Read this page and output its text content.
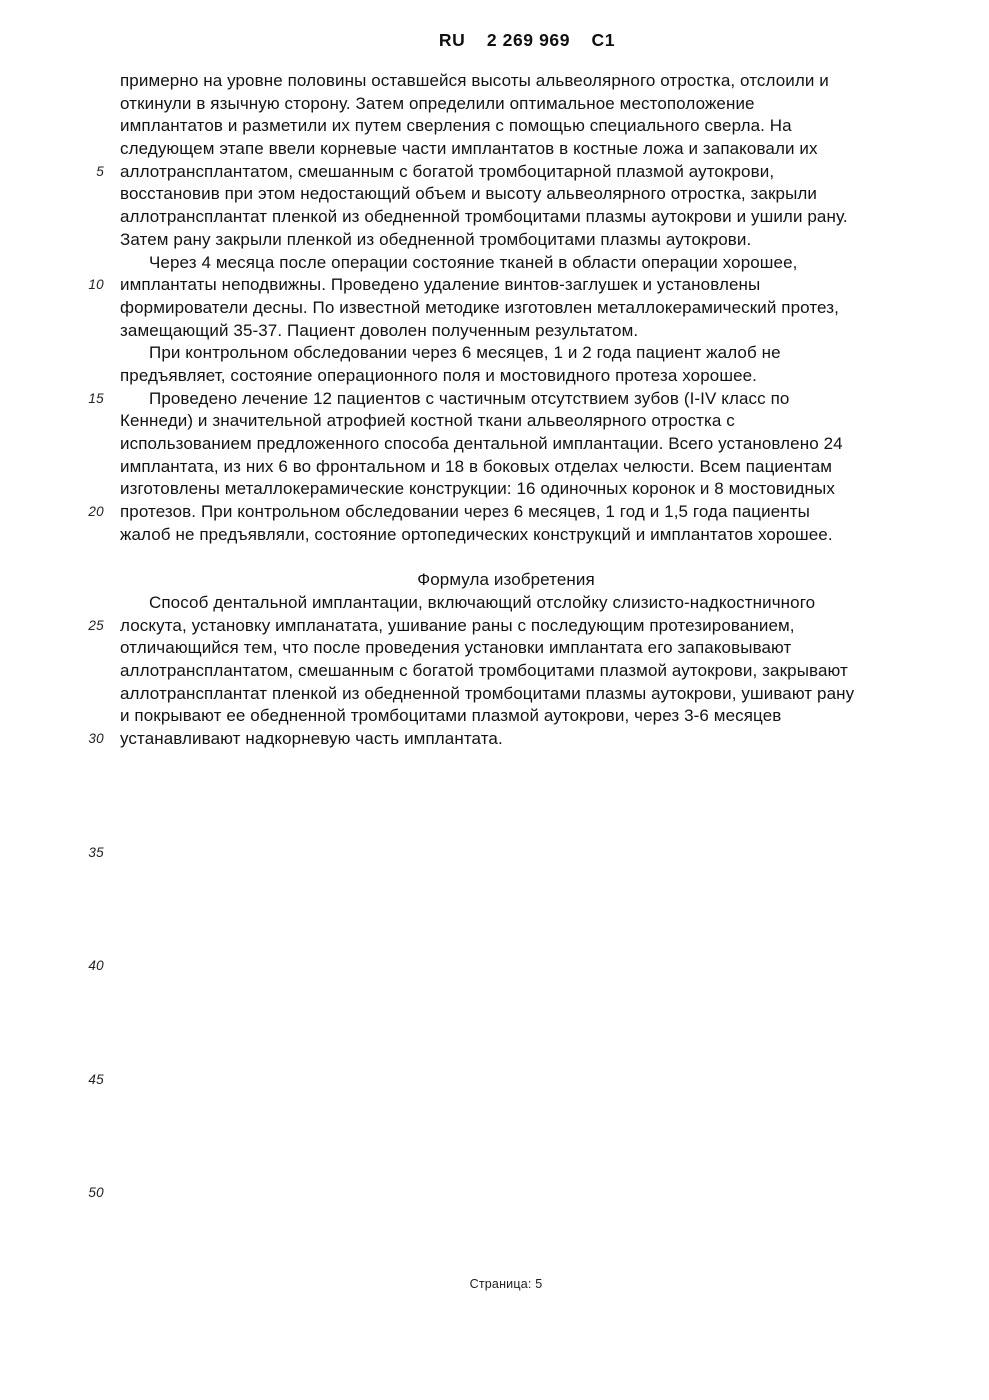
RU 2 269 969 C1
5
10
15
20
25
30
35
40
45
50
примерно на уровне половины оставшейся высоты альвеолярного отростка, отслоили и
откинули в язычную сторону. Затем определили оптимальное местоположение
имплантатов и разметили их путем сверления с помощью специального сверла. На
следующем этапе ввели корневые части имплантатов в костные ложа и запаковали их
аллотрансплантатом, смешанным с богатой тромбоцитарной плазмой аутокрови,
восстановив при этом недостающий объем и высоту альвеолярного отростка, закрыли
аллотрансплантат пленкой из обедненной тромбоцитами плазмы аутокрови и ушили рану.
Затем рану закрыли пленкой из обедненной тромбоцитами плазмы аутокрови.
Через 4 месяца после операции состояние тканей в области операции хорошее,
имплантаты неподвижны. Проведено удаление винтов-заглушек и установлены
формирователи десны. По известной методике изготовлен металлокерамический протез,
замещающий 35-37. Пациент доволен полученным результатом.
При контрольном обследовании через 6 месяцев, 1 и 2 года пациент жалоб не
предъявляет, состояние операционного поля и мостовидного протеза хорошее.
Проведено лечение 12 пациентов с частичным отсутствием зубов (I-IV класс по
Кеннеди) и значительной атрофией костной ткани альвеолярного отростка с
использованием предложенного способа дентальной имплантации. Всего установлено 24
имплантата, из них 6 во фронтальном и 18 в боковых отделах челюсти. Всем пациентам
изготовлены металлокерамические конструкции: 16 одиночных коронок и 8 мостовидных
протезов. При контрольном обследовании через 6 месяцев, 1 год и 1,5 года пациенты
жалоб не предъявляли, состояние ортопедических конструкций и имплантатов хорошее.
Формула изобретения
Способ дентальной имплантации, включающий отслойку слизисто-надкостничного
лоскута, установку импланатата, ушивание раны с последующим протезированием,
отличающийся тем, что после проведения установки имплантата его запаковывают
аллотрансплантатом, смешанным с богатой тромбоцитами плазмой аутокрови, закрывают
аллотрансплантат пленкой из обедненной тромбоцитами плазмы аутокрови, ушивают рану
и покрывают ее обедненной тромбоцитами плазмой аутокрови, через 3-6 месяцев
устанавливают надкорневую часть имплантата.
Страница: 5
